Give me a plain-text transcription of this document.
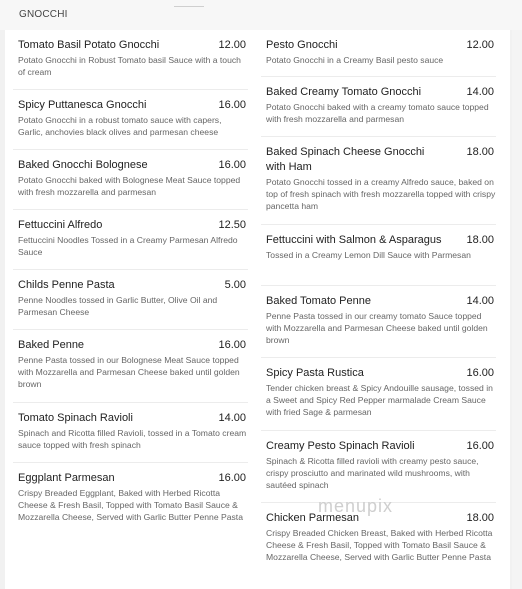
GNOCCHI
Tomato Basil Potato Gnocchi	12.00
Potato Gnocchi in Robust Tomato basil Sauce with a touch of cream
Spicy Puttanesca Gnocchi	16.00
Potato Gnocchi in a robust tomato sauce with capers, Garlic, anchovies black olives and parmesan cheese
Baked Gnocchi Bolognese	16.00
Potato Gnocchi baked with Bolognese Meat Sauce topped with fresh mozzarella and parmesan
Fettuccini Alfredo	12.50
Fettuccini Noodles Tossed in a Creamy Parmesan Alfredo Sauce
Childs Penne Pasta	5.00
Penne Noodles tossed in Garlic Butter, Olive Oil and Parmesan Cheese
Baked Penne	16.00
Penne Pasta tossed in our Bolognese Meat Sauce topped with Mozzarella and Parmesan Cheese baked until golden brown
Tomato Spinach Ravioli	14.00
Spinach and Ricotta filled Ravioli, tossed in a Tomato cream sauce topped with fresh spinach
Eggplant Parmesan	16.00
Crispy Breaded Eggplant, Baked with Herbed Ricotta Cheese & Fresh Basil, Topped with Tomato Basil Sauce & Mozzarella Cheese, Served with Garlic Butter Penne Pasta
Pesto Gnocchi	12.00
Potato Gnocchi in a Creamy Basil pesto sauce
Baked Creamy Tomato Gnocchi	14.00
Potato Gnocchi baked with a creamy tomato sauce topped with fresh mozzarella and parmesan
Baked Spinach Cheese Gnocchi with Ham
18.00
Potato Gnocchi tossed in a creamy Alfredo sauce, baked on top of fresh spinach with fresh mozzarella topped with crispy pancetta ham
Fettuccini with Salmon & Asparagus 18.00
Tossed in a Creamy Lemon Dill Sauce with Parmesan
Baked Tomato Penne	14.00
Penne Pasta tossed in our creamy tomato Sauce topped with Mozzarella and Parmesan Cheese baked until golden brown
Spicy Pasta Rustica	16.00
Tender chicken breast & Spicy Andouille sausage, tossed in a Sweet and Spicy Red Pepper marmalade Cream Sauce with fried Sage & parmesan
Creamy Pesto Spinach Ravioli	16.00
Spinach & Ricotta filled ravioli with creamy pesto sauce, crispy prosciutto and marinated wild mushrooms, with sautéed spinach
Chicken Parmesan	18.00
Crispy Breaded Chicken Breast, Baked with Herbed Ricotta Cheese & Fresh Basil, Topped with Tomato Basil Sauce & Mozzarella Cheese, Served with Garlic Butter Penne Pasta
menupix
